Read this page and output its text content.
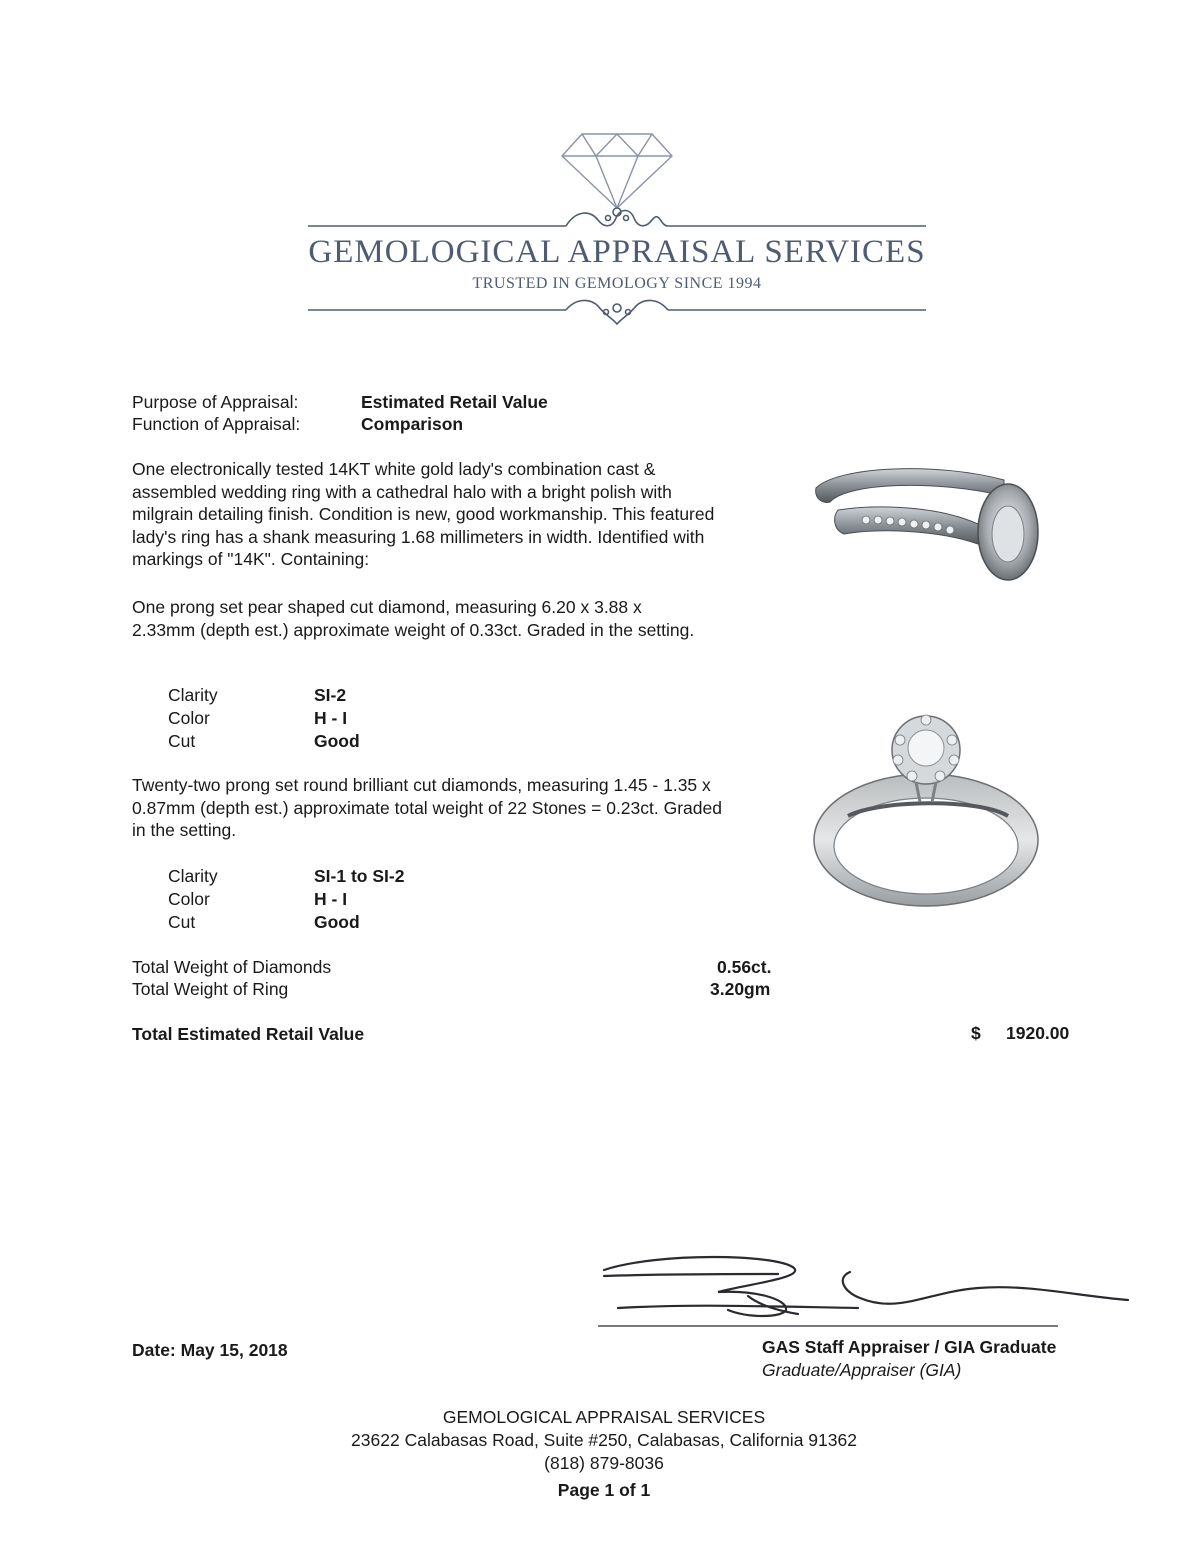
GEMOLOGICAL APPRAISAL SERVICES
TRUSTED IN GEMOLOGY SINCE 1994
Purpose of Appraisal:	Estimated Retail Value
Function of Appraisal:	Comparison
One electronically tested 14KT white gold lady's combination cast & assembled wedding ring with a cathedral halo with a bright polish with milgrain detailing finish. Condition is new, good workmanship. This featured lady's ring has a shank measuring 1.68 millimeters in width. Identified with markings of "14K". Containing:
One prong set pear shaped cut diamond, measuring 6.20 x 3.88 x 2.33mm (depth est.) approximate weight of 0.33ct. Graded in the setting.
Clarity	SI-2
Color	H - I
Cut	Good
Twenty-two prong set round brilliant cut diamonds, measuring 1.45 - 1.35 x 0.87mm (depth est.) approximate total weight of 22 Stones = 0.23ct. Graded in the setting.
Clarity	SI-1 to SI-2
Color	H - I
Cut	Good
Total Weight of Diamonds	0.56ct.
Total Weight of Ring	3.20gm
Total Estimated Retail Value	$ 1920.00
Date: May 15, 2018	GAS Staff Appraiser / GIA Graduate
Graduate/Appraiser (GIA)
GEMOLOGICAL APPRAISAL SERVICES
23622 Calabasas Road, Suite #250, Calabasas, California 91362
(818) 879-8036
Page 1 of 1
